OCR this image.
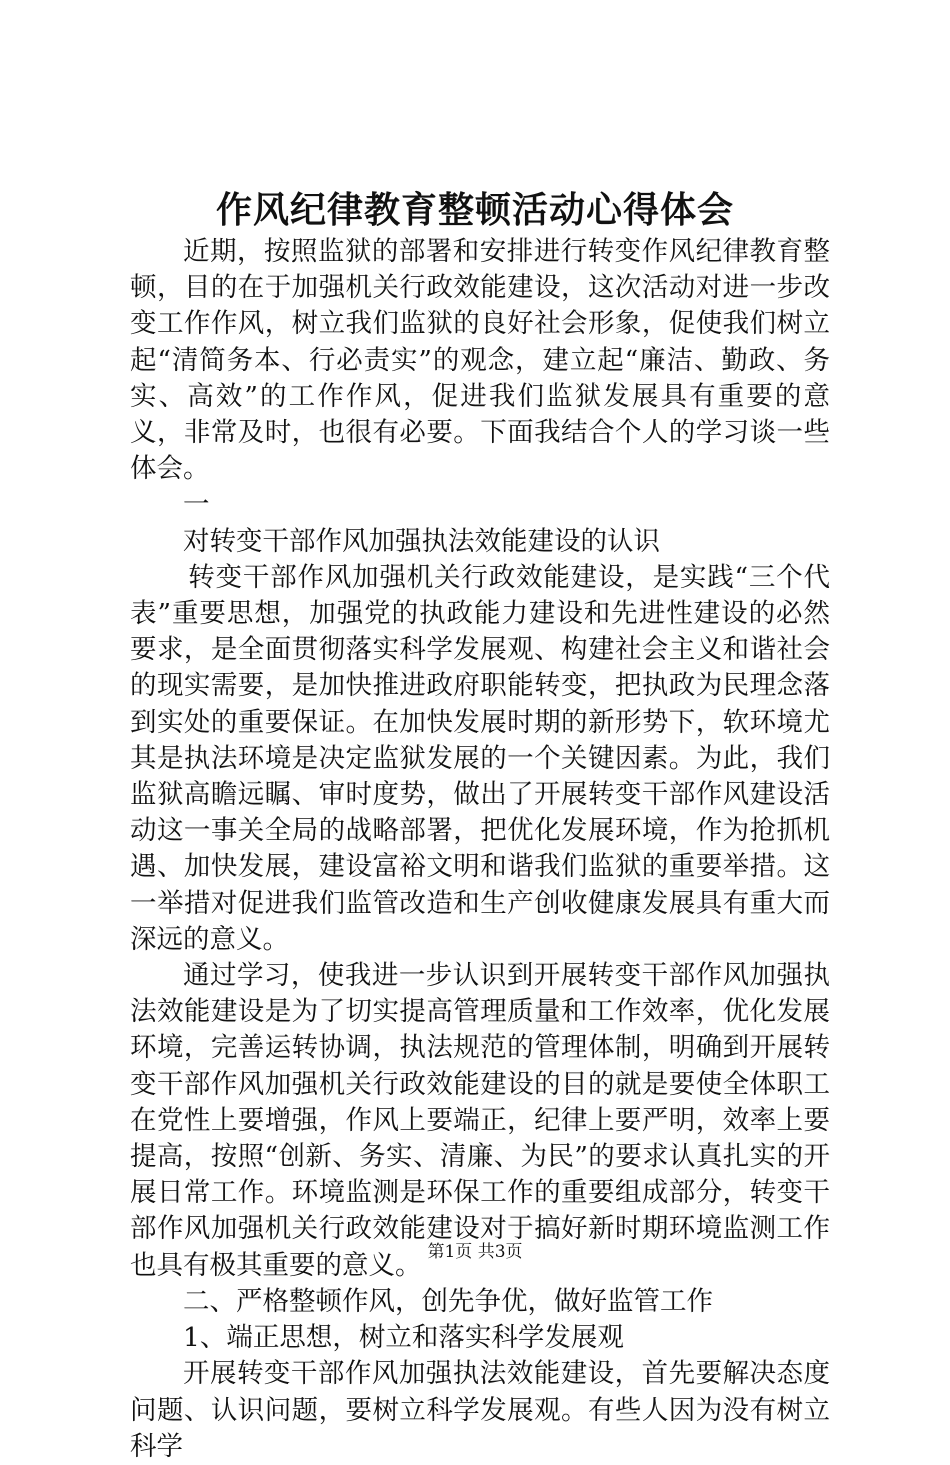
作风纪律教育整顿活动心得体会

近期，按照监狱的部署和安排进行转变作风纪律教育整顿，目的在于加强机关行政效能建设，这次活动对进一步改变工作作风，树立我们监狱的良好社会形象，促使我们树立起“清简务本、行必责实”的观念，建立起“廉洁、勤政、务实、高效”的工作作风，促进我们监狱发展具有重要的意义，非常及时，也很有必要。下面我结合个人的学习谈一些体会。

一

对转变干部作风加强执法效能建设的认识

转变干部作风加强机关行政效能建设，是实践“三个代表”重要思想，加强党的执政能力建设和先进性建设的必然要求，是全面贯彻落实科学发展观、构建社会主义和谐社会的现实需要，是加快推进政府职能转变，把执政为民理念落到实处的重要保证。在加快发展时期的新形势下，软环境尤其是执法环境是决定监狱发展的一个关键因素。为此，我们监狱高瞻远瞩、审时度势，做出了开展转变干部作风建设活动这一事关全局的战略部署，把优化发展环境，作为抢抓机遇、加快发展，建设富裕文明和谐我们监狱的重要举措。这一举措对促进我们监管改造和生产创收健康发展具有重大而深远的意义。

通过学习，使我进一步认识到开展转变干部作风加强执法效能建设是为了切实提高管理质量和工作效率，优化发展环境，完善运转协调，执法规范的管理体制，明确到开展转变干部作风加强机关行政效能建设的目的就是要使全体职工在党性上要增强，作风上要端正，纪律上要严明，效率上要提高，按照“创新、务实、清廉、为民”的要求认真扎实的开展日常工作。环境监测是环保工作的重要组成部分，转变干部作风加强机关行政效能建设对于搞好新时期环境监测工作也具有极其重要的意义。

二、严格整顿作风，创先争优，做好监管工作

1、端正思想，树立和落实科学发展观

开展转变干部作风加强执法效能建设，首先要解决态度问题、认识问题，要树立科学发展观。有些人因为没有树立科学

第1页 共3页
